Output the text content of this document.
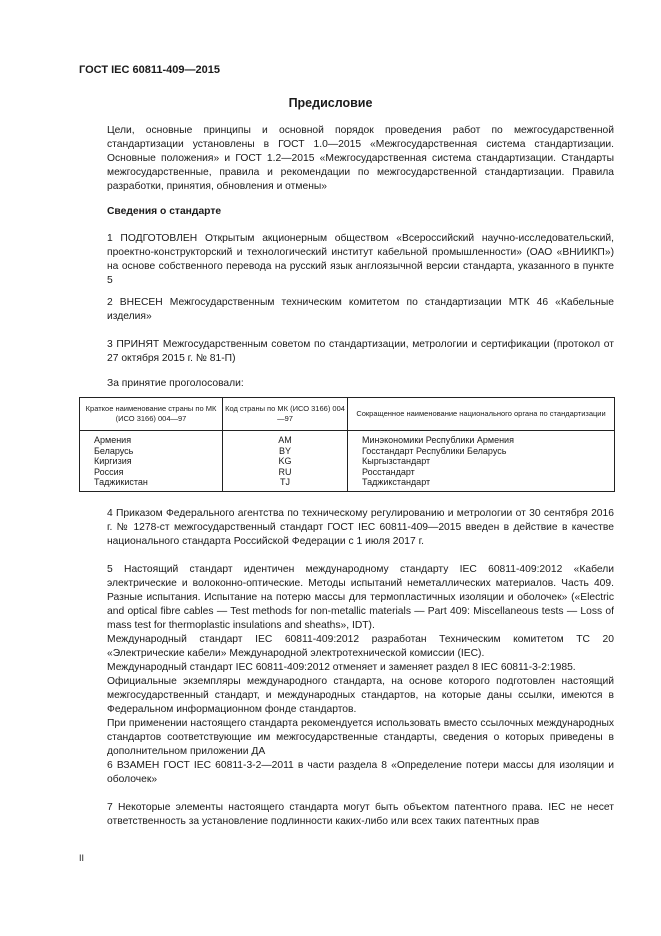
ГОСТ IEC 60811-409—2015
Предисловие
Цели, основные принципы и основной порядок проведения работ по межгосударственной стандартизации установлены в ГОСТ 1.0—2015 «Межгосударственная система стандартизации. Основные положения» и ГОСТ 1.2—2015 «Межгосударственная система стандартизации. Стандарты межгосударственные, правила и рекомендации по межгосударственной стандартизации. Правила разработки, принятия, обновления и отмены»
Сведения о стандарте
1 ПОДГОТОВЛЕН Открытым акционерным обществом «Всероссийский научно-исследовательский, проектно-конструкторский и технологический институт кабельной промышленности» (ОАО «ВНИИКП») на основе собственного перевода на русский язык англоязычной версии стандарта, указанного в пункте 5
2 ВНЕСЕН Межгосударственным техническим комитетом по стандартизации МТК 46 «Кабельные изделия»
3 ПРИНЯТ Межгосударственным советом по стандартизации, метрологии и сертификации (протокол от 27 октября 2015 г. № 81-П)
За принятие проголосовали:
Краткое наименование страны по МК (ИСО 3166) 004—97	Код страны по МК (ИСО 3166) 004—97	Сокращенное наименование национального органа по стандартизации
Армения	AM	Минэкономики Республики Армения
Беларусь	BY	Госстандарт Республики Беларусь
Киргизия	KG	Кыргызстандарт
Россия	RU	Росстандарт
Таджикистан	TJ	Таджикстандарт
4 Приказом Федерального агентства по техническому регулированию и метрологии от 30 сентября 2016 г. № 1278-ст межгосударственный стандарт ГОСТ IEC 60811-409—2015 введен в действие в качестве национального стандарта Российской Федерации с 1 июля 2017 г.
5 Настоящий стандарт идентичен международному стандарту IEC 60811-409:2012 «Кабели электрические и волоконно-оптические. Методы испытаний неметаллических материалов. Часть 409. Разные испытания. Испытание на потерю массы для термопластичных изоляции и оболочек» («Electric and optical fibre cables — Test methods for non-metallic materials — Part 409: Miscellaneous tests — Loss of mass test for thermoplastic insulations and sheaths», IDT).
Международный стандарт IEC 60811-409:2012 разработан Техническим комитетом ТС 20 «Электрические кабели» Международной электротехнической комиссии (IEC).
Международный стандарт IEC 60811-409:2012 отменяет и заменяет раздел 8 IEC 60811-3-2:1985.
Официальные экземпляры международного стандарта, на основе которого подготовлен настоящий межгосударственный стандарт, и международных стандартов, на которые даны ссылки, имеются в Федеральном информационном фонде стандартов.
При применении настоящего стандарта рекомендуется использовать вместо ссылочных международных стандартов соответствующие им межгосударственные стандарты, сведения о которых приведены в дополнительном приложении ДА
6 ВЗАМЕН ГОСТ IEC 60811-3-2—2011 в части раздела 8 «Определение потери массы для изоляции и оболочек»
7 Некоторые элементы настоящего стандарта могут быть объектом патентного права. IEC не несет ответственность за установление подлинности каких-либо или всех таких патентных прав
II
